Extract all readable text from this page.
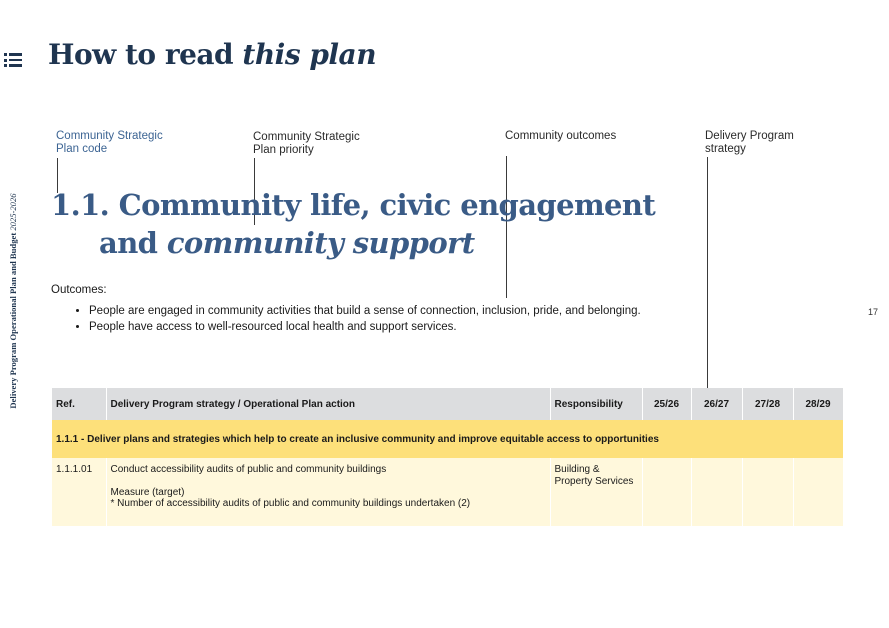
How to read this plan
Delivery Program Operational Plan and Budget 2025-2026
Community Strategic
Plan code
Community Strategic
Plan priority
Community outcomes	Delivery Program
strategy
1.1. Community life, civic engagement
and community support
Outcomes:
• People are engaged in community activities that build a sense of connection, inclusion, pride, and belonging.
• People have access to well-resourced local health and support services.
17
Ref.	Delivery Program strategy / Operational Plan action	Responsibility	25/26	26/27	27/28	28/29
1.1.1 - Deliver plans and strategies which help to create an inclusive community and improve equitable access to opportunities						
1.1.1.01	Conduct accessibility audits of public and community buildings
Measure (target)
* Number of accessibility audits of public and community buildings undertaken (2)	Building &
Property Services				
